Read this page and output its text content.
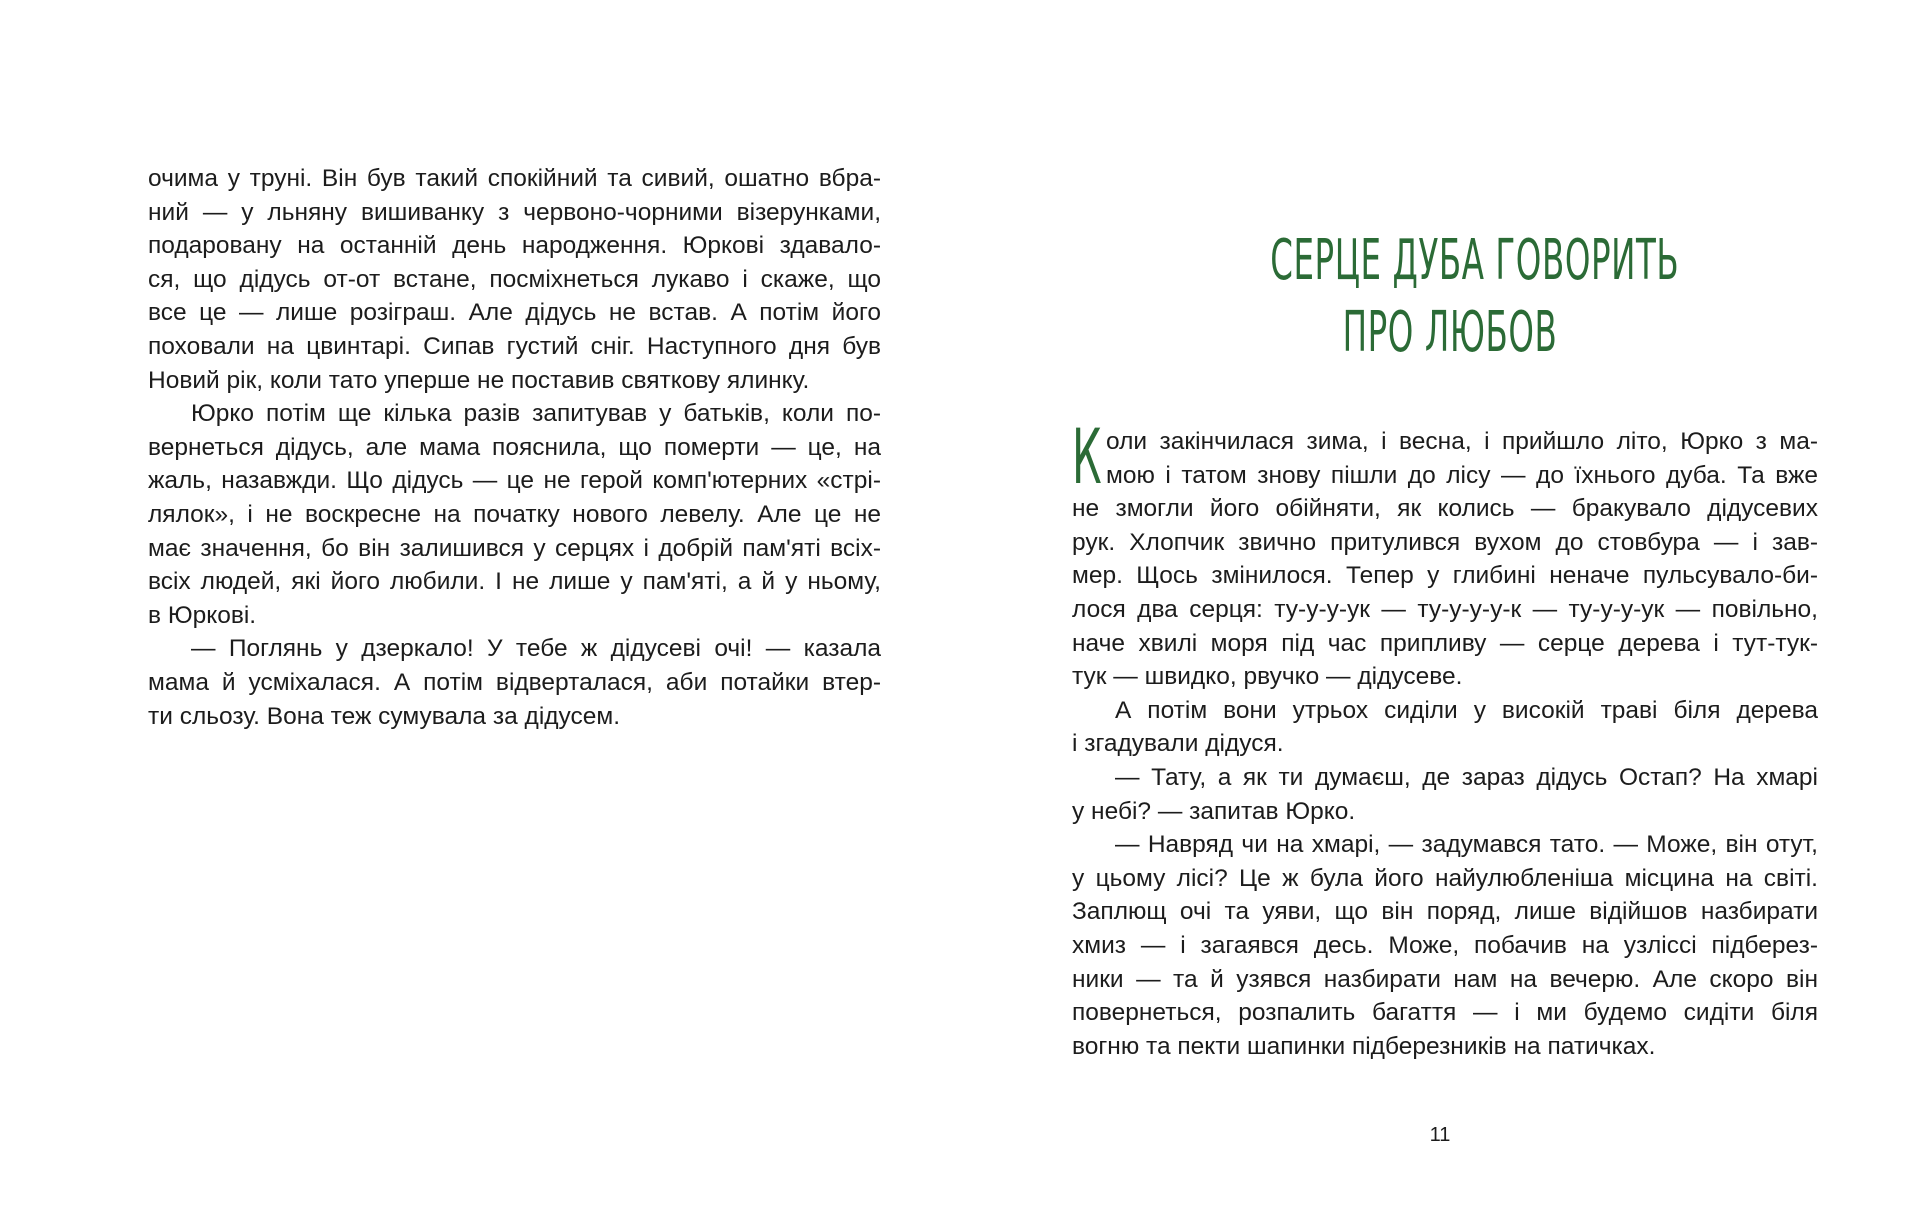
очима у труні. Він був такий спокійний та сивий, ошатно вбра-
ний — у льняну вишиванку з червоно-чорними візерунками,
подаровану на останній день народження. Юркові здавало-
ся, що дідусь от-от встане, посміхнеться лукаво і скаже, що
все це — лише розіграш. Але дідусь не встав. А потім його
поховали на цвинтарі. Сипав густий сніг. Наступного дня був
Новий рік, коли тато уперше не поставив святкову ялинку.
Юрко потім ще кілька разів запитував у батьків, коли по-
вернеться дідусь, але мама пояснила, що померти — це, на
жаль, назавжди. Що дідусь — це не герой комп'ютерних «стрі-
лялок», і не воскресне на початку нового левелу. Але це не
має значення, бо він залишився у серцях і добрій пам'яті всіх-
всіх людей, які його любили. І не лише у пам'яті, а й у ньому,
в Юркові.
— Поглянь у дзеркало! У тебе ж дідусеві очі! — казала
мама й усміхалася. А потім відверталася, аби потайки втер-
ти сльозу. Вона теж сумувала за дідусем.
СЕРЦЕ ДУБА ГОВОРИТЬ
ПРО ЛЮБОВ
К оли закінчилася зима, і весна, і прийшло літо, Юрко з ма-
мою і татом знову пішли до лісу — до їхнього дуба. Та вже
не змогли його обійняти, як колись — бракувало дідусевих
рук. Хлопчик звично притулився вухом до стовбура — і зав-
мер. Щось змінилося. Тепер у глибині неначе пульсувало-би-
лося два серця: ту-у-у-ук — ту-у-у-у-к — ту-у-у-ук — повільно,
наче хвилі моря під час припливу — серце дерева і тут-тук-
тук — швидко, рвучко — дідусеве.
А потім вони утрьох сиділи у високій траві біля дерева
і згадували дідуся.
— Тату, а як ти думаєш, де зараз дідусь Остап? На хмарі
у небі? — запитав Юрко.
— Навряд чи на хмарі, — задумався тато. — Може, він отут,
у цьому лісі? Це ж була його найулюбленіша місцина на світі.
Заплющ очі та уяви, що він поряд, лише відійшов назбирати
хмиз — і загаявся десь. Може, побачив на узліссі підберез-
ники — та й узявся назбирати нам на вечерю. Але скоро він
повернеться, розпалить багаття — і ми будемо сидіти біля
вогню та пекти шапинки підберезників на патичках.
11
